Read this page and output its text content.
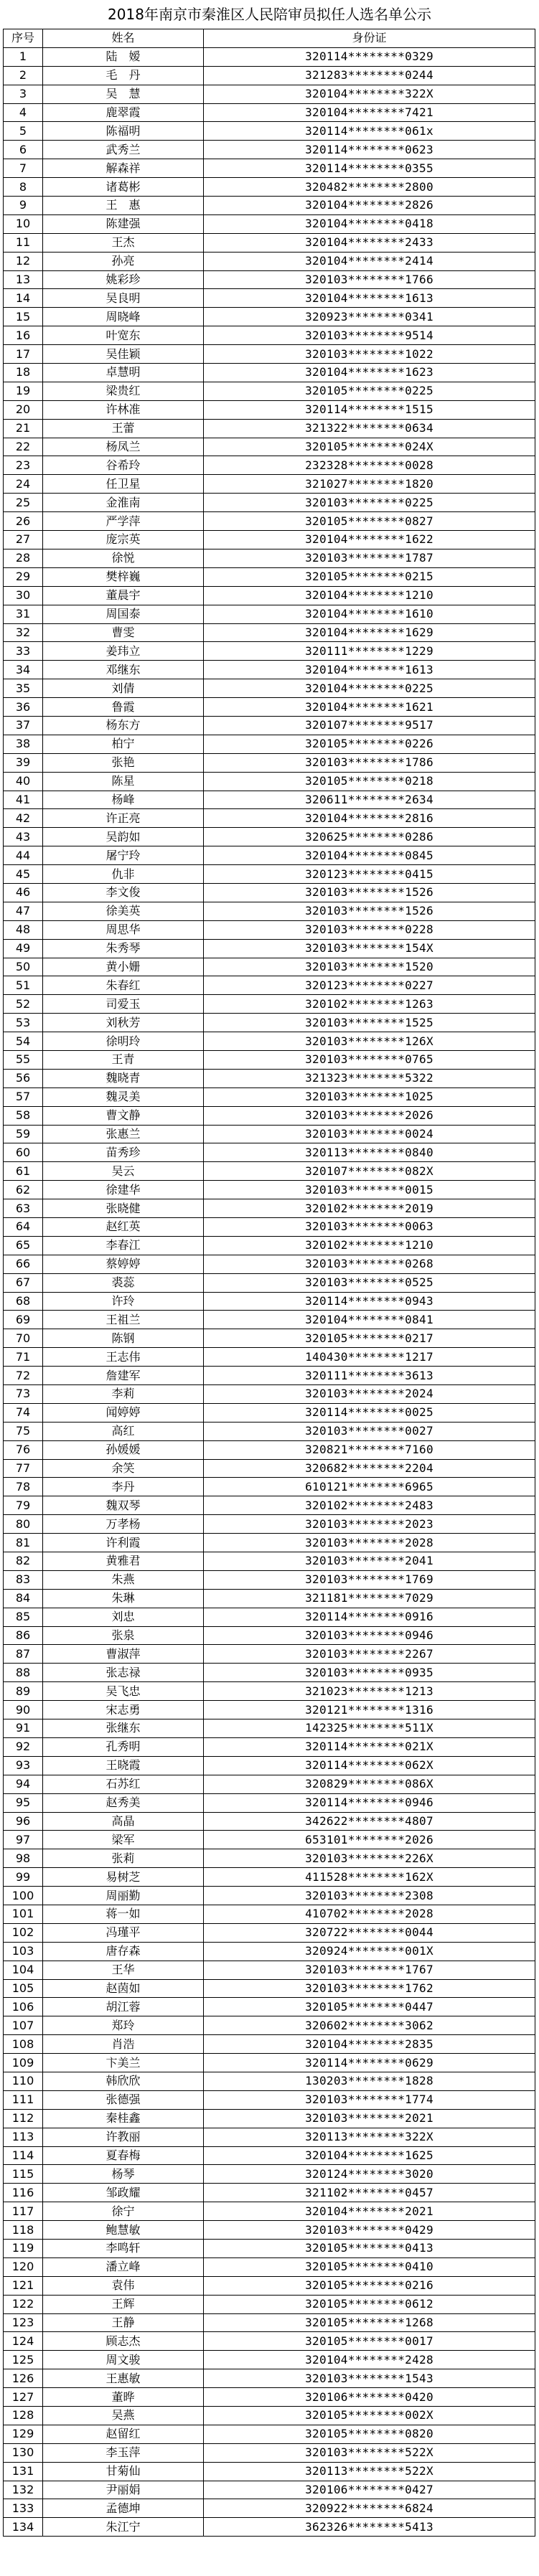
2018年南京市秦淮区人民陪审员拟任人选名单公示
序号	姓名	身份证
1	陆　嫒	320114********0329
2	毛　丹	321283********0244
3	吴　慧	320104********322X
4	鹿翠霞	320104********7421
5	陈福明	320114********061x
6	武秀兰	320114********0623
7	解森祥	320114********0355
8	诸葛彬	320482********2800
9	王　惠	320104********2826
10	陈建强	320104********0418
11	王杰	320104********2433
12	孙亮	320104********2414
13	姚彩珍	320103********1766
14	吴良明	320104********1613
15	周晓峰	320923********0341
16	叶宽东	320103********9514
17	吴佳颖	320103********1022
18	卓慧明	320104********1623
19	梁贵红	320105********0225
20	许林准	320114********1515
21	王蕾	321322********0634
22	杨凤兰	320105********024X
23	谷希玲	232328********0028
24	任卫星	321027********1820
25	金淮南	320103********0225
26	严学萍	320105********0827
27	庞宗英	320104********1622
28	徐悦	320103********1787
29	樊梓巍	320105********0215
30	董晨宇	320104********1210
31	周国泰	320104********1610
32	曹雯	320104********1629
33	姜玮立	320111********1229
34	邓继东	320104********1613
35	刘倩	320104********0225
36	鲁霞	320104********1621
37	杨东方	320107********9517
38	柏宁	320105********0226
39	张艳	320103********1786
40	陈星	320105********0218
41	杨峰	320611********2634
42	许正亮	320104********2816
43	吴韵如	320625********0286
44	屠宁玲	320104********0845
45	仇非	320123********0415
46	李文俊	320103********1526
47	徐美英	320103********1526
48	周思华	320103********0228
49	朱秀琴	320103********154X
50	黄小姗	320103********1520
51	朱春红	320123********0227
52	司爱玉	320102********1263
53	刘秋芳	320103********1525
54	徐明玲	320103********126X
55	王青	320103********0765
56	魏晓青	321323********5322
57	魏灵美	320103********1025
58	曹文静	320103********2026
59	张惠兰	320103********0024
60	苗秀珍	320113********0840
61	吴云	320107********082X
62	徐建华	320103********0015
63	张晓健	320102********2019
64	赵红英	320103********0063
65	李春江	320102********1210
66	蔡婷婷	320103********0268
67	裘蕊	320103********0525
68	许玲	320114********0943
69	王祖兰	320104********0841
70	陈钢	320105********0217
71	王志伟	140430********1217
72	詹建军	320111********3613
73	李莉	320103********2024
74	闻婷婷	320114********0025
75	高红	320103********0027
76	孙媛媛	320821********7160
77	余笑	320682********2204
78	李丹	610121********6965
79	魏双琴	320102********2483
80	万孝杨	320103********2023
81	许利霞	320103********2028
82	黄雅君	320103********2041
83	朱燕	320103********1769
84	朱琳	321181********7029
85	刘忠	320114********0916
86	张泉	320103********0946
87	曹淑萍	320103********2267
88	张志禄	320103********0935
89	吴飞忠	321023********1213
90	宋志勇	320121********1316
91	张继东	142325********511X
92	孔秀明	320114********021X
93	王晓霞	320114********062X
94	石苏红	320829********086X
95	赵秀美	320114********0946
96	高晶	342622********4807
97	梁军	653101********2026
98	张莉	320103********226X
99	易树芝	411528********162X
100	周丽勤	320103********2308
101	蒋一如	410702********2028
102	冯瑾平	320722********0044
103	唐存森	320924********001X
104	王华	320103********1767
105	赵茵如	320103********1762
106	胡江蓉	320105********0447
107	郑玲	320602********3062
108	肖浩	320104********2835
109	卞美兰	320114********0629
110	韩欣欣	130203********1828
111	张德强	320103********1774
112	秦桂鑫	320103********2021
113	许教丽	320113********322X
114	夏春梅	320104********1625
115	杨琴	320124********3020
116	邹政耀	321102********0457
117	徐宁	320104********2021
118	鲍慧敏	320103********0429
119	李鸣轩	320105********0413
120	潘立峰	320105********0410
121	袁伟	320105********0216
122	王辉	320105********0612
123	王静	320105********1268
124	顾志杰	320105********0017
125	周文骏	320104********2428
126	王惠敏	320103********1543
127	董晔	320106********0420
128	吴燕	320105********002X
129	赵留红	320105********0820
130	李玉萍	320103********522X
131	甘菊仙	320113********522X
132	尹丽娟	320106********0427
133	孟德坤	320922********6824
134	朱江宁	362326********5413
